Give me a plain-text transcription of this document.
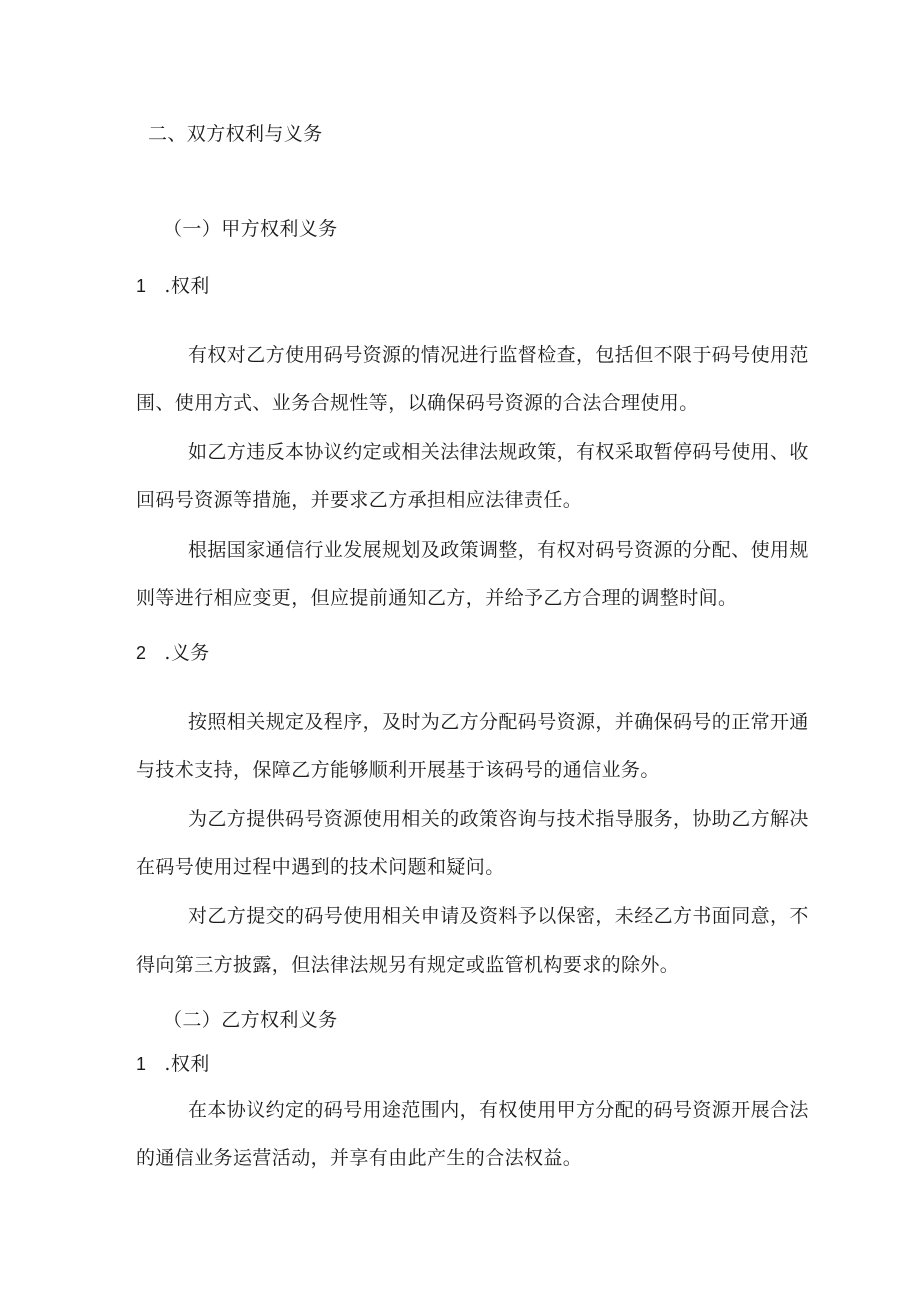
二、双方权利与义务
（一）甲方权利义务
1 .权利
有权对乙方使用码号资源的情况进行监督检查，包括但不限于码号使用范
围、使用方式、业务合规性等，以确保码号资源的合法合理使用。
如乙方违反本协议约定或相关法律法规政策，有权采取暂停码号使用、收
回码号资源等措施，并要求乙方承担相应法律责任。
根据国家通信行业发展规划及政策调整，有权对码号资源的分配、使用规
则等进行相应变更，但应提前通知乙方，并给予乙方合理的调整时间。
2 .义务
按照相关规定及程序，及时为乙方分配码号资源，并确保码号的正常开通
与技术支持，保障乙方能够顺利开展基于该码号的通信业务。
为乙方提供码号资源使用相关的政策咨询与技术指导服务，协助乙方解决
在码号使用过程中遇到的技术问题和疑问。
对乙方提交的码号使用相关申请及资料予以保密，未经乙方书面同意，不
得向第三方披露，但法律法规另有规定或监管机构要求的除外。
（二）乙方权利义务
1 .权利
在本协议约定的码号用途范围内，有权使用甲方分配的码号资源开展合法
的通信业务运营活动，并享有由此产生的合法权益。
